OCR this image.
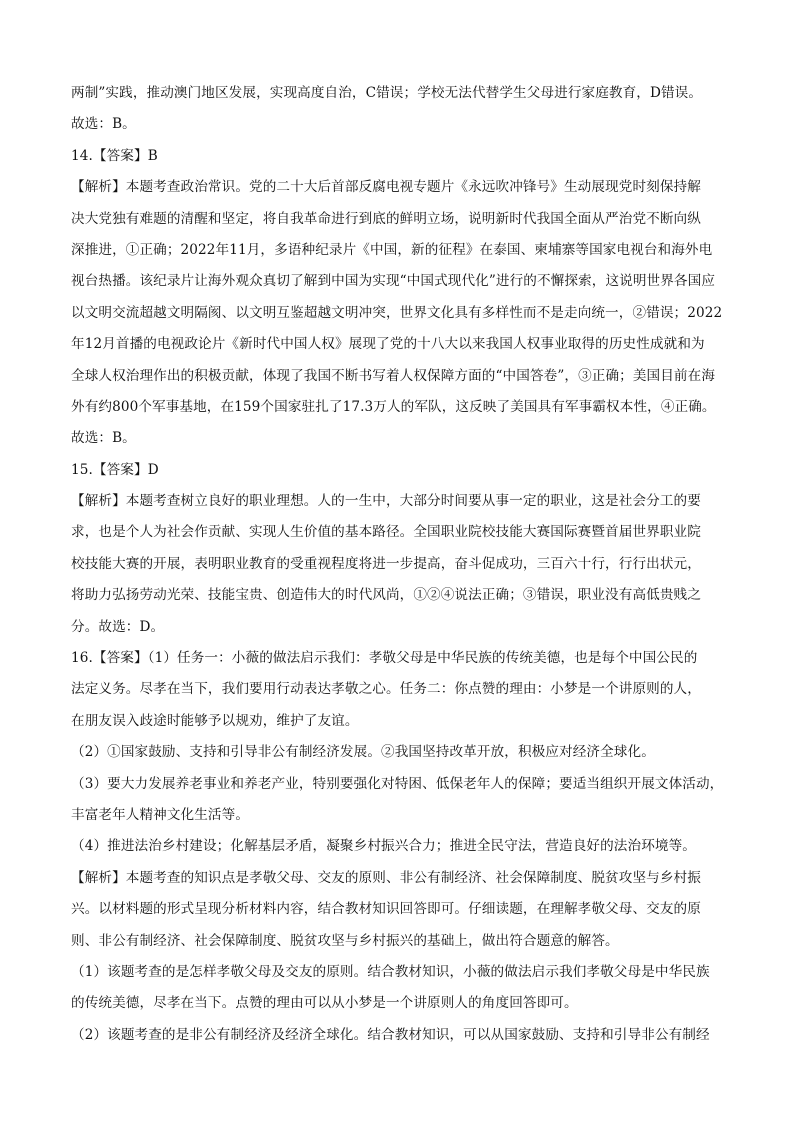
两制”实践，推动澳门地区发展，实现高度自治，C错误；学校无法代替学生父母进行家庭教育，D错误。
故选：B。
14.【答案】B
【解析】本题考查政治常识。党的二十大后首部反腐电视专题片《永远吹冲锋号》生动展现党时刻保持解
决大党独有难题的清醒和坚定，将自我革命进行到底的鲜明立场，说明新时代我国全面从严治党不断向纵
深推进，①正确；2022年11月，多语种纪录片《中国，新的征程》在泰国、柬埔寨等国家电视台和海外电
视台热播。该纪录片让海外观众真切了解到中国为实现“中国式现代化”进行的不懈探索，这说明世界各国应
以文明交流超越文明隔阂、以文明互鉴超越文明冲突，世界文化具有多样性而不是走向统一，②错误；2022
年12月首播的电视政论片《新时代中国人权》展现了党的十八大以来我国人权事业取得的历史性成就和为
全球人权治理作出的积极贡献，体现了我国不断书写着人权保障方面的“中国答卷”，③正确；美国目前在海
外有约800个军事基地，在159个国家驻扎了17.3万人的军队，这反映了美国具有军事霸权本性，④正确。
故选：B。
15.【答案】D
【解析】本题考查树立良好的职业理想。人的一生中，大部分时间要从事一定的职业，这是社会分工的要
求，也是个人为社会作贡献、实现人生价值的基本路径。全国职业院校技能大赛国际赛暨首届世界职业院
校技能大赛的开展，表明职业教育的受重视程度将进一步提高，奋斗促成功，三百六十行，行行出状元，
将助力弘扬劳动光荣、技能宝贵、创造伟大的时代风尚，①②④说法正确；③错误，职业没有高低贵贱之
分。故选：D。
16.【答案】（1）任务一：小薇的做法启示我们：孝敬父母是中华民族的传统美德，也是每个中国公民的
法定义务。尽孝在当下，我们要用行动表达孝敬之心。任务二：你点赞的理由：小梦是一个讲原则的人，
在朋友误入歧途时能够予以规劝，维护了友谊。
（2）①国家鼓励、支持和引导非公有制经济发展。②我国坚持改革开放，积极应对经济全球化。
（3）要大力发展养老事业和养老产业，特别要强化对特困、低保老年人的保障；要适当组织开展文体活动，
丰富老年人精神文化生活等。
（4）推进法治乡村建设；化解基层矛盾，凝聚乡村振兴合力；推进全民守法，营造良好的法治环境等。
【解析】本题考查的知识点是孝敬父母、交友的原则、非公有制经济、社会保障制度、脱贫攻坚与乡村振
兴。以材料题的形式呈现分析材料内容，结合教材知识回答即可。仔细读题，在理解孝敬父母、交友的原
则、非公有制经济、社会保障制度、脱贫攻坚与乡村振兴的基础上，做出符合题意的解答。
（1）该题考查的是怎样孝敬父母及交友的原则。结合教材知识，小薇的做法启示我们孝敬父母是中华民族
的传统美德，尽孝在当下。点赞的理由可以从小梦是一个讲原则人的角度回答即可。
（2）该题考查的是非公有制经济及经济全球化。结合教材知识，可以从国家鼓励、支持和引导非公有制经
